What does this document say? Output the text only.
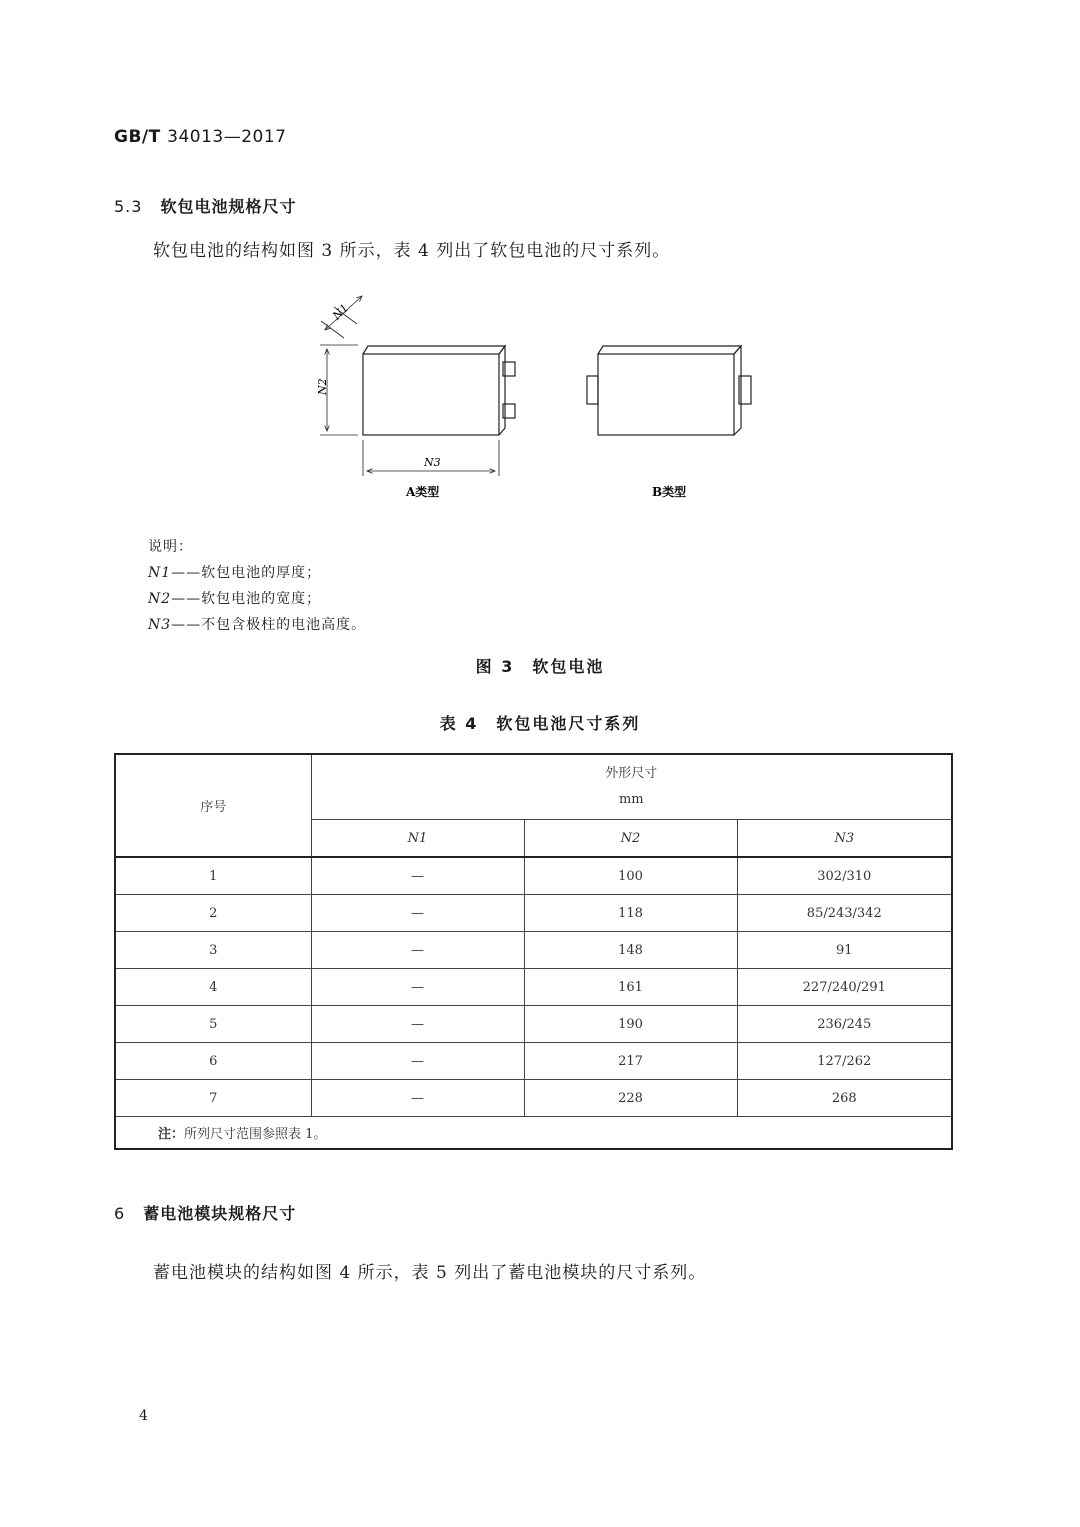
GB/T 34013—2017
5.3 软包电池规格尺寸
软包电池的结构如图 3 所示，表 4 列出了软包电池的尺寸系列。
N2
N3
N1
A类型	B类型
说明：
N1——软包电池的厚度；
N2——软包电池的宽度；
N3——不包含极柱的电池高度。
图 3　软包电池
表 4　软包电池尺寸系列
序号	外形尺寸
mm		

	N1	N2	N3
1	—	100	302/310
2	—	118	85/243/342
3	—	148	91
4	—	161	227/240/291
5	—	190	236/245
6	—	217	127/262
7	—	228	268
注：所列尺寸范围参照表 1。			
6 蓄电池模块规格尺寸
蓄电池模块的结构如图 4 所示，表 5 列出了蓄电池模块的尺寸系列。
4
